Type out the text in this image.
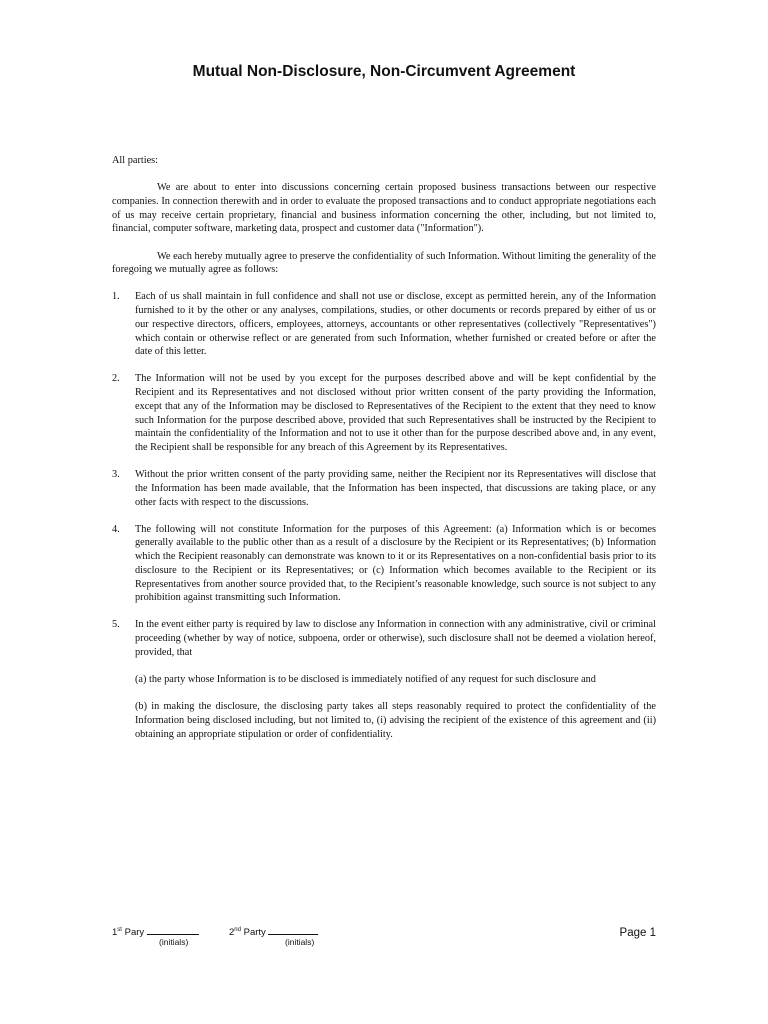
Mutual Non-Disclosure, Non-Circumvent Agreement

All parties:

We are about to enter into discussions concerning certain proposed business transactions between our respective companies. In connection therewith and in order to evaluate the proposed transactions and to conduct appropriate negotiations each of us may receive certain proprietary, financial and business information concerning the other, including, but not limited to, financial, computer software, marketing data, prospect and customer data ("Information").

We each hereby mutually agree to preserve the confidentiality of such Information. Without limiting the generality of the foregoing we mutually agree as follows:

1. Each of us shall maintain in full confidence and shall not use or disclose, except as permitted herein, any of the Information furnished to it by the other or any analyses, compilations, studies, or other documents or records prepared by either of us or our respective directors, officers, employees, attorneys, accountants or other representatives (collectively "Representatives") which contain or otherwise reflect or are generated from such Information, whether furnished or created before or after the date of this letter.
2. The Information will not be used by you except for the purposes described above and will be kept confidential by the Recipient and its Representatives and not disclosed without prior written consent of the party providing the Information, except that any of the Information may be disclosed to Representatives of the Recipient to the extent that they need to know such Information for the purpose described above, provided that such Representatives shall be instructed by the Recipient to maintain the confidentiality of the Information and not to use it other than for the purpose described above and, in any event, the Recipient shall be responsible for any breach of this Agreement by its Representatives.
3. Without the prior written consent of the party providing same, neither the Recipient nor its Representatives will disclose that the Information has been made available, that the Information has been inspected, that discussions are taking place, or any other facts with respect to the discussions.
4. The following will not constitute Information for the purposes of this Agreement: (a) Information which is or becomes generally available to the public other than as a result of a disclosure by the Recipient or its Representatives; (b) Information which the Recipient reasonably can demonstrate was known to it or its Representatives on a non-confidential basis prior to its disclosure to the Recipient or its Representatives; or (c) Information which becomes available to the Recipient or its Representatives from another source provided that, to the Recipient’s reasonable knowledge, such source is not subject to any prohibition against transmitting such Information.
5. In the event either party is required by law to disclose any Information in connection with any administrative, civil or criminal proceeding (whether by way of notice, subpoena, order or otherwise), such disclosure shall not be deemed a violation hereof, provided, that
(a) the party whose Information is to be disclosed is immediately notified of any request for such disclosure and
(b) in making the disclosure, the disclosing party takes all steps reasonably required to protect the confidentiality of the Information being disclosed including, but not limited to, (i) advising the recipient of the existence of this agreement and (ii) obtaining an appropriate stipulation or order of confidentiality.
1st Pary
(initials)
2nd Party
(initials)
Page 1
